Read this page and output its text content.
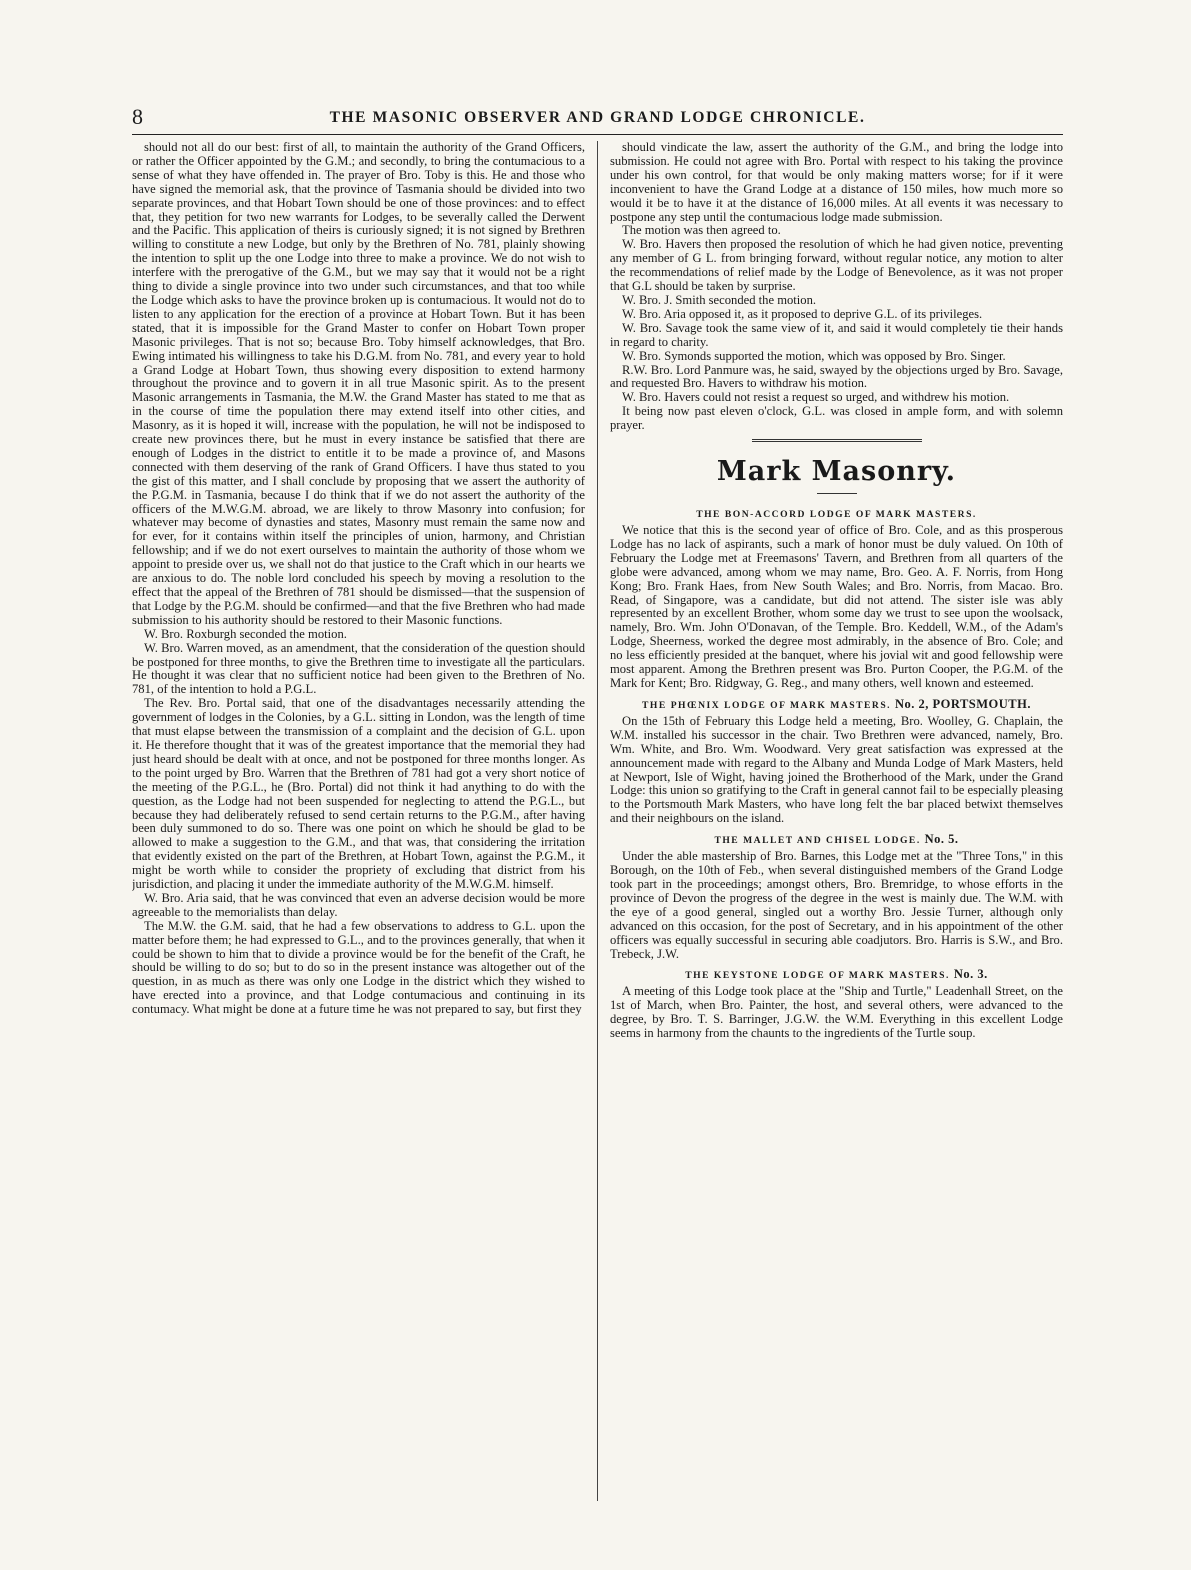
8	THE MASONIC OBSERVER AND GRAND LODGE CHRONICLE.

should not all do our best: first of all, to maintain the authority of the Grand Officers, or rather the Officer appointed by the G.M.; and secondly, to bring the contumacious to a sense of what they have offended in. The prayer of Bro. Toby is this. He and those who have signed the memorial ask, that the province of Tasmania should be divided into two separate provinces, and that Hobart Town should be one of those provinces: and to effect that, they petition for two new warrants for Lodges, to be severally called the Derwent and the Pacific. This application of theirs is curiously signed; it is not signed by Brethren willing to constitute a new Lodge, but only by the Brethren of No. 781, plainly showing the intention to split up the one Lodge into three to make a province. We do not wish to interfere with the prerogative of the G.M., but we may say that it would not be a right thing to divide a single province into two under such circumstances, and that too while the Lodge which asks to have the province broken up is contumacious. It would not do to listen to any application for the erection of a province at Hobart Town. But it has been stated, that it is impossible for the Grand Master to confer on Hobart Town proper Masonic privileges. That is not so; because Bro. Toby himself acknowledges, that Bro. Ewing intimated his willingness to take his D.G.M. from No. 781, and every year to hold a Grand Lodge at Hobart Town, thus showing every disposition to extend harmony throughout the province and to govern it in all true Masonic spirit. As to the present Masonic arrangements in Tasmania, the M.W. the Grand Master has stated to me that as in the course of time the population there may extend itself into other cities, and Masonry, as it is hoped it will, increase with the population, he will not be indisposed to create new provinces there, but he must in every instance be satisfied that there are enough of Lodges in the district to entitle it to be made a province of, and Masons connected with them deserving of the rank of Grand Officers. I have thus stated to you the gist of this matter, and I shall conclude by proposing that we assert the authority of the P.G.M. in Tasmania, because I do think that if we do not assert the authority of the officers of the M.W.G.M. abroad, we are likely to throw Masonry into confusion; for whatever may become of dynasties and states, Masonry must remain the same now and for ever, for it contains within itself the principles of union, harmony, and Christian fellowship; and if we do not exert ourselves to maintain the authority of those whom we appoint to preside over us, we shall not do that justice to the Craft which in our hearts we are anxious to do. The noble lord concluded his speech by moving a resolution to the effect that the appeal of the Brethren of 781 should be dismissed—that the suspension of that Lodge by the P.G.M. should be confirmed—and that the five Brethren who had made submission to his authority should be restored to their Masonic functions.

W. Bro. Roxburgh seconded the motion.

W. Bro. Warren moved, as an amendment, that the consideration of the question should be postponed for three months, to give the Brethren time to investigate all the particulars. He thought it was clear that no sufficient notice had been given to the Brethren of No. 781, of the intention to hold a P.G.L.

The Rev. Bro. Portal said, that one of the disadvantages necessarily attending the government of lodges in the Colonies, by a G.L. sitting in London, was the length of time that must elapse between the transmission of a complaint and the decision of G.L. upon it. He therefore thought that it was of the greatest importance that the memorial they had just heard should be dealt with at once, and not be postponed for three months longer. As to the point urged by Bro. Warren that the Brethren of 781 had got a very short notice of the meeting of the P.G.L., he (Bro. Portal) did not think it had anything to do with the question, as the Lodge had not been suspended for neglecting to attend the P.G.L., but because they had deliberately refused to send certain returns to the P.G.M., after having been duly summoned to do so. There was one point on which he should be glad to be allowed to make a suggestion to the G.M., and that was, that considering the irritation that evidently existed on the part of the Brethren, at Hobart Town, against the P.G.M., it might be worth while to consider the propriety of excluding that district from his jurisdiction, and placing it under the immediate authority of the M.W.G.M. himself.

W. Bro. Aria said, that he was convinced that even an adverse decision would be more agreeable to the memorialists than delay.

The M.W. the G.M. said, that he had a few observations to address to G.L. upon the matter before them; he had expressed to G.L., and to the provinces generally, that when it could be shown to him that to divide a province would be for the benefit of the Craft, he should be willing to do so; but to do so in the present instance was altogether out of the question, in as much as there was only one Lodge in the district which they wished to have erected into a province, and that Lodge contumacious and continuing in its contumacy. What might be done at a future time he was not prepared to say, but first they

should vindicate the law, assert the authority of the G.M., and bring the lodge into submission. He could not agree with Bro. Portal with respect to his taking the province under his own control, for that would be only making matters worse; for if it were inconvenient to have the Grand Lodge at a distance of 150 miles, how much more so would it be to have it at the distance of 16,000 miles. At all events it was necessary to postpone any step until the contumacious lodge made submission.

The motion was then agreed to.

W. Bro. Havers then proposed the resolution of which he had given notice, preventing any member of G L. from bringing forward, without regular notice, any motion to alter the recommendations of relief made by the Lodge of Benevolence, as it was not proper that G.L should be taken by surprise.

W. Bro. J. Smith seconded the motion.

W. Bro. Aria opposed it, as it proposed to deprive G.L. of its privileges.

W. Bro. Savage took the same view of it, and said it would completely tie their hands in regard to charity.

W. Bro. Symonds supported the motion, which was opposed by Bro. Singer.

R.W. Bro. Lord Panmure was, he said, swayed by the objections urged by Bro. Savage, and requested Bro. Havers to withdraw his motion.

W. Bro. Havers could not resist a request so urged, and withdrew his motion.

It being now past eleven o'clock, G.L. was closed in ample form, and with solemn prayer.

Mark Masonry.
THE BON-ACCORD LODGE OF MARK MASTERS.

We notice that this is the second year of office of Bro. Cole, and as this prosperous Lodge has no lack of aspirants, such a mark of honor must be duly valued. On 10th of February the Lodge met at Freemasons' Tavern, and Brethren from all quarters of the globe were advanced, among whom we may name, Bro. Geo. A. F. Norris, from Hong Kong; Bro. Frank Haes, from New South Wales; and Bro. Norris, from Macao. Bro. Read, of Singapore, was a candidate, but did not attend. The sister isle was ably represented by an excellent Brother, whom some day we trust to see upon the woolsack, namely, Bro. Wm. John O'Donavan, of the Temple. Bro. Keddell, W.M., of the Adam's Lodge, Sheerness, worked the degree most admirably, in the absence of Bro. Cole; and no less efficiently presided at the banquet, where his jovial wit and good fellowship were most apparent. Among the Brethren present was Bro. Purton Cooper, the P.G.M. of the Mark for Kent; Bro. Ridgway, G. Reg., and many others, well known and esteemed.

THE PHŒNIX LODGE OF MARK MASTERS. No. 2, PORTSMOUTH.

On the 15th of February this Lodge held a meeting, Bro. Woolley, G. Chaplain, the W.M. installed his successor in the chair. Two Brethren were advanced, namely, Bro. Wm. White, and Bro. Wm. Woodward. Very great satisfaction was expressed at the announcement made with regard to the Albany and Munda Lodge of Mark Masters, held at Newport, Isle of Wight, having joined the Brotherhood of the Mark, under the Grand Lodge: this union so gratifying to the Craft in general cannot fail to be especially pleasing to the Portsmouth Mark Masters, who have long felt the bar placed betwixt themselves and their neighbours on the island.

THE MALLET AND CHISEL LODGE. No. 5.

Under the able mastership of Bro. Barnes, this Lodge met at the "Three Tons," in this Borough, on the 10th of Feb., when several distinguished members of the Grand Lodge took part in the proceedings; amongst others, Bro. Bremridge, to whose efforts in the province of Devon the progress of the degree in the west is mainly due. The W.M. with the eye of a good general, singled out a worthy Bro. Jessie Turner, although only advanced on this occasion, for the post of Secretary, and in his appointment of the other officers was equally successful in securing able coadjutors. Bro. Harris is S.W., and Bro. Trebeck, J.W.

THE KEYSTONE LODGE OF MARK MASTERS. No. 3.

A meeting of this Lodge took place at the "Ship and Turtle," Leadenhall Street, on the 1st of March, when Bro. Painter, the host, and several others, were advanced to the degree, by Bro. T. S. Barringer, J.G.W. the W.M. Everything in this excellent Lodge seems in harmony from the chaunts to the ingredients of the Turtle soup.
